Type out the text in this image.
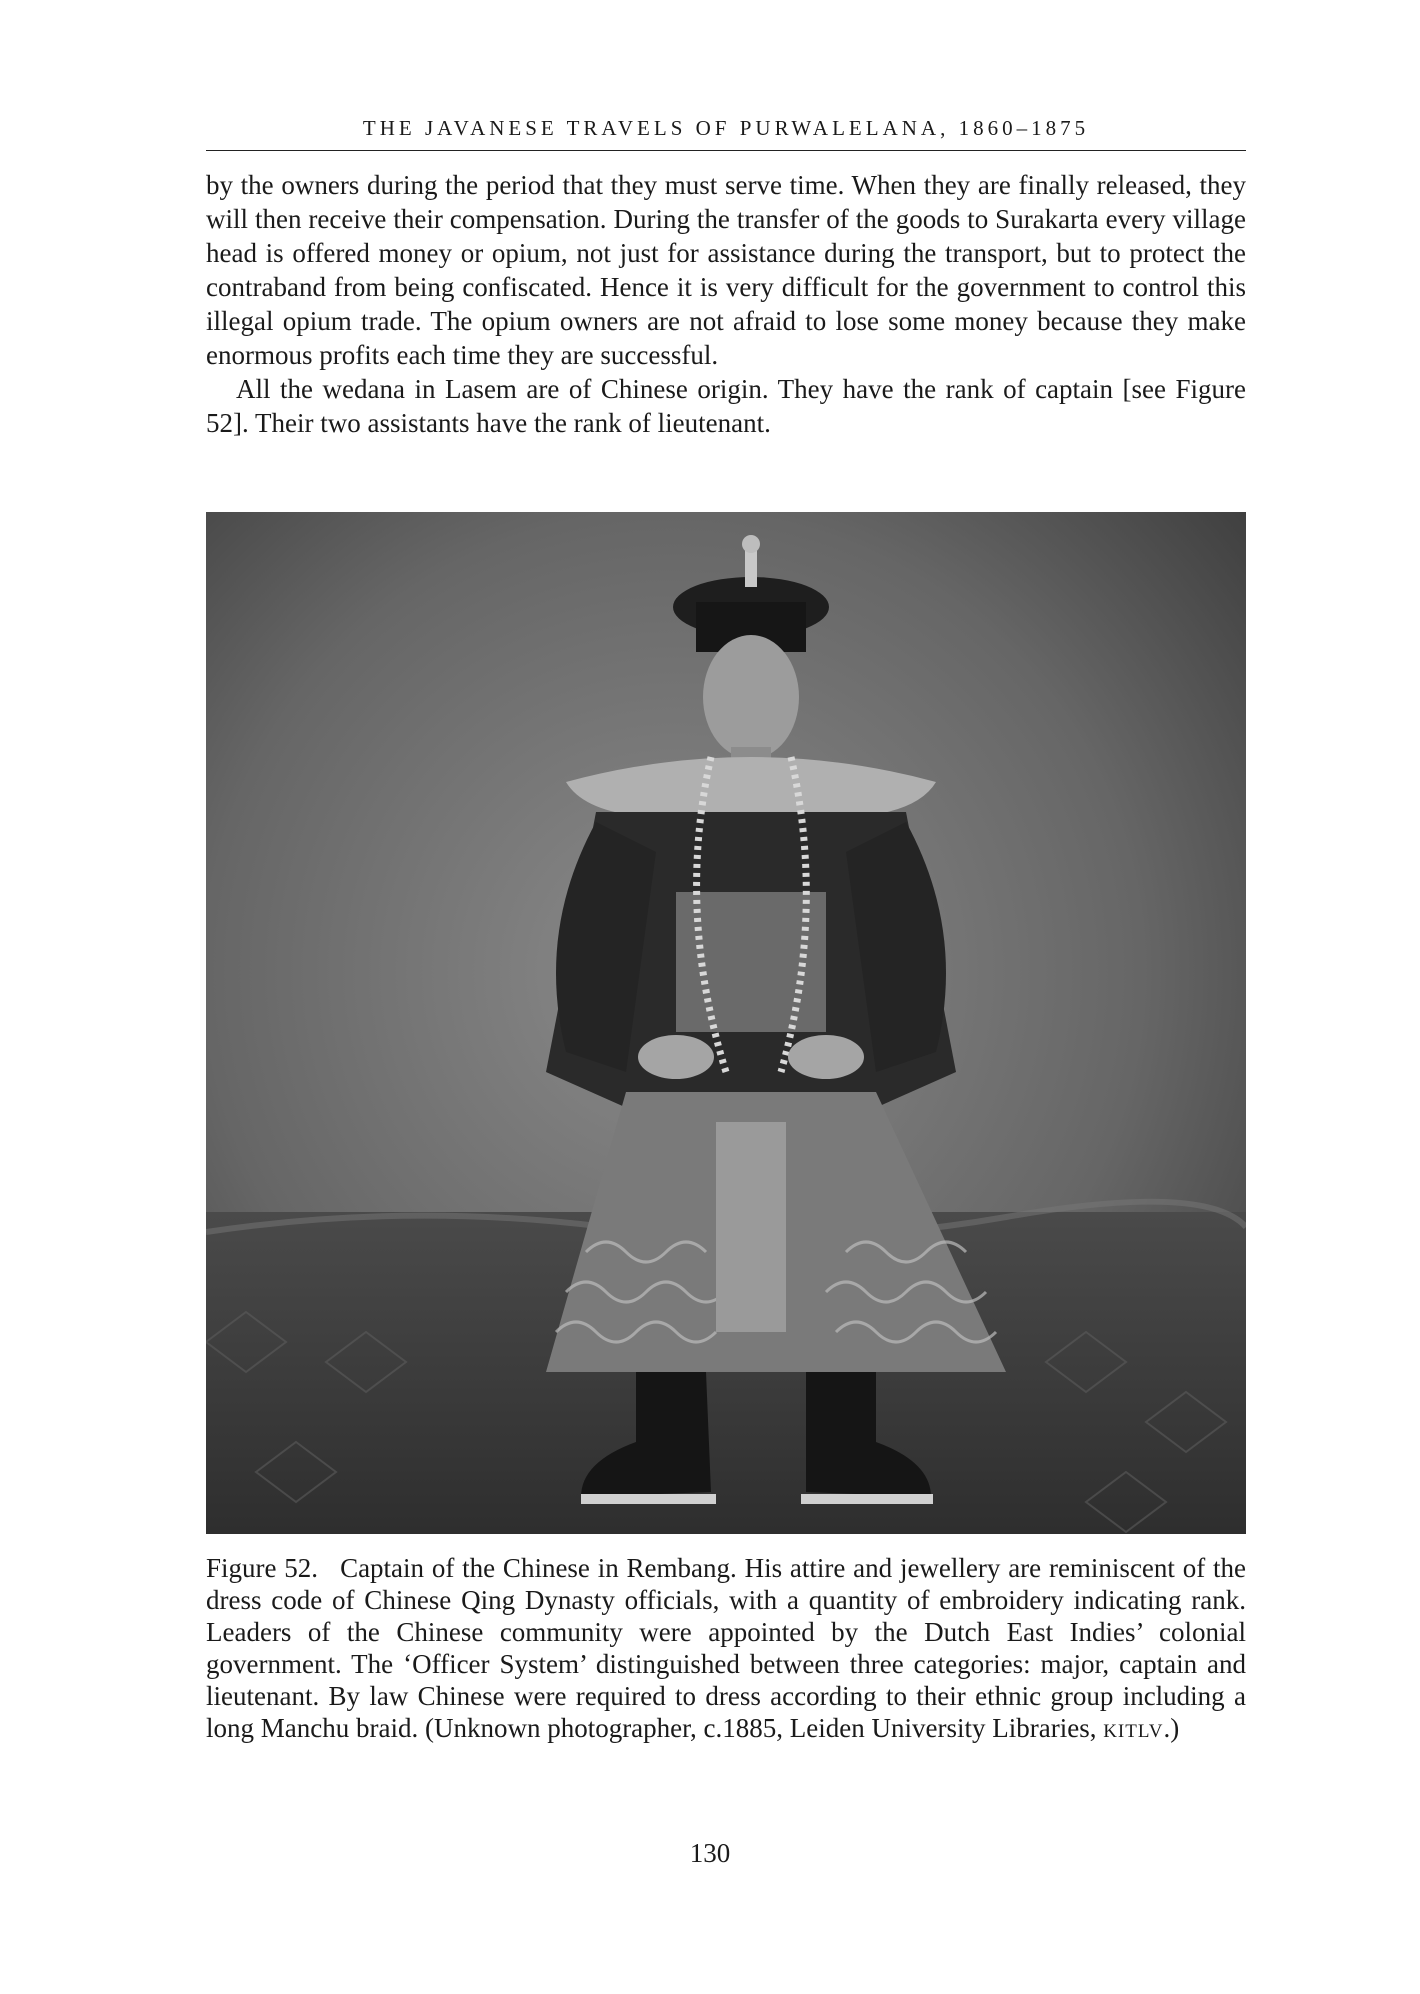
THE JAVANESE TRAVELS OF PURWALELANA, 1860–1875

by the owners during the period that they must serve time. When they are finally released, they will then receive their compensation. During the transfer of the goods to Surakarta every village head is offered money or opium, not just for assistance during the transport, but to protect the contraband from being confiscated. Hence it is very difficult for the government to control this illegal opium trade. The opium owners are not afraid to lose some money because they make enormous profits each time they are successful.

All the wedana in Lasem are of Chinese origin. They have the rank of captain [see Figure 52]. Their two assistants have the rank of lieutenant.

Figure 52. Captain of the Chinese in Rembang. His attire and jewellery are reminiscent of the dress code of Chinese Qing Dynasty officials, with a quantity of embroidery indicating rank. Leaders of the Chinese community were appointed by the Dutch East Indies’ colonial government. The ‘Officer System’ distinguished between three categories: major, captain and lieutenant. By law Chinese were required to dress according to their ethnic group including a long Manchu braid. (Unknown photographer, c.1885, Leiden University Libraries, KITLV.)
130
